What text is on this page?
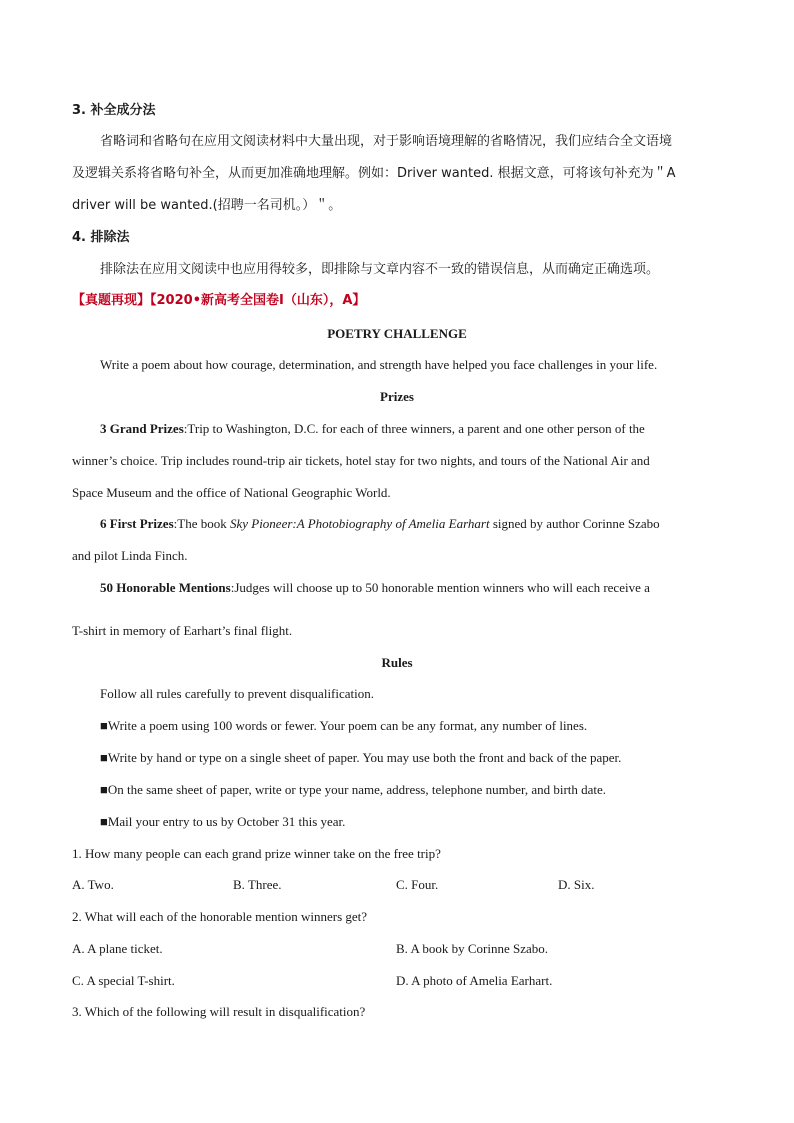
3. 补全成分法
省略词和省略句在应用文阅读材料中大量出现，对于影响语境理解的省略情况，我们应结合全文语境
及逻辑关系将省略句补全，从而更加准确地理解。例如：Driver wanted. 根据文意，可将该句补充为＂A
driver will be wanted.(招聘一名司机。）＂。
4. 排除法
排除法在应用文阅读中也应用得较多，即排除与文章内容不一致的错误信息，从而确定正确选项。
【真题再现】【2020•新高考全国卷Ⅰ（山东），A】
POETRY CHALLENGE
Write a poem about how courage, determination, and strength have helped you face challenges in your life.
Prizes
3 Grand Prizes:Trip to Washington, D.C. for each of three winners, a parent and one other person of the
winner’s choice. Trip includes round-trip air tickets, hotel stay for two nights, and tours of the National Air and
Space Museum and the office of National Geographic World.
6 First Prizes:The book Sky Pioneer:A Photobiography of Amelia Earhart signed by author Corinne Szabo
and pilot Linda Finch.
50 Honorable Mentions:Judges will choose up to 50 honorable mention winners who will each receive a
T-shirt in memory of Earhart’s final flight.
Rules
Follow all rules carefully to prevent disqualification.
■Write a poem using 100 words or fewer. Your poem can be any format, any number of lines.
■Write by hand or type on a single sheet of paper. You may use both the front and back of the paper.
■On the same sheet of paper, write or type your name, address, telephone number, and birth date.
■Mail your entry to us by October 31 this year.
1. How many people can each grand prize winner take on the free trip?
A. Two.	B. Three.	C. Four.	D. Six.
2. What will each of the honorable mention winners get?
A. A plane ticket.	B. A book by Corinne Szabo.
C. A special T-shirt.	D. A photo of Amelia Earhart.
3. Which of the following will result in disqualification?
